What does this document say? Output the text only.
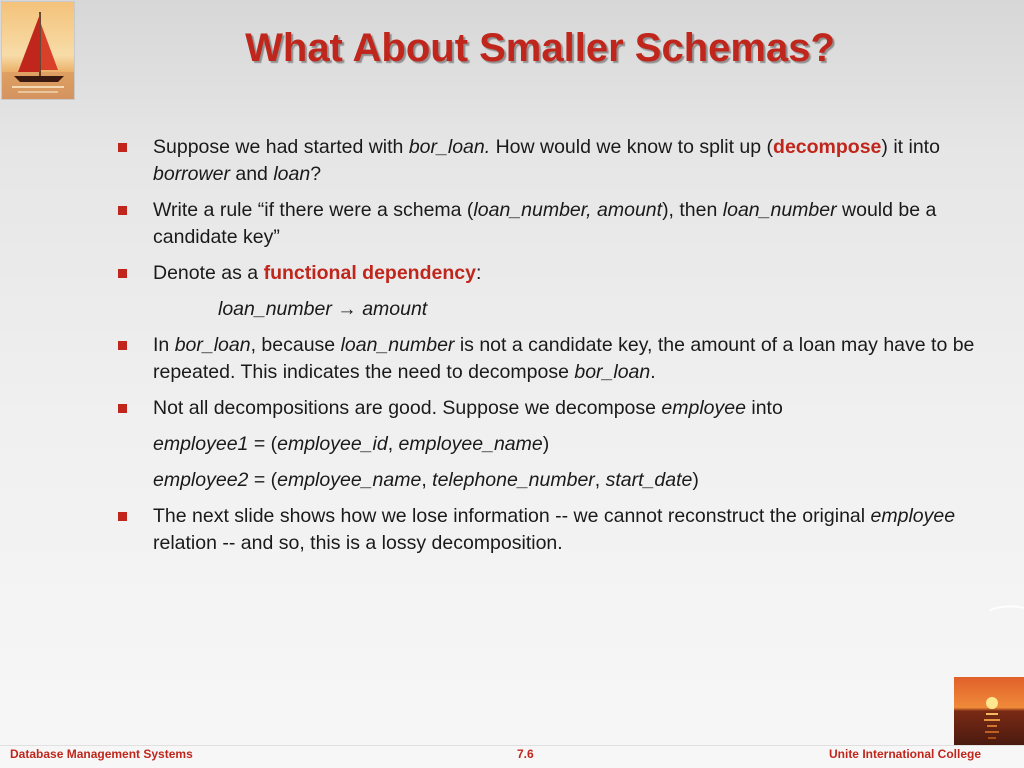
What About Smaller Schemas?
Suppose we had started with bor_loan. How would we know to split up (decompose) it into borrower and loan?
Write a rule “if there were a schema (loan_number, amount), then loan_number would be a candidate key”
Denote as a functional dependency:
loan_number → amount
In bor_loan, because loan_number is not a candidate key, the amount of a loan may have to be repeated. This indicates the need to decompose bor_loan.
Not all decompositions are good. Suppose we decompose employee into
employee1 = (employee_id, employee_name)
employee2 = (employee_name, telephone_number, start_date)
The next slide shows how we lose information -- we cannot reconstruct the original employee relation -- and so, this is a lossy decomposition.
Database Management Systems	7.6	Unite International College
